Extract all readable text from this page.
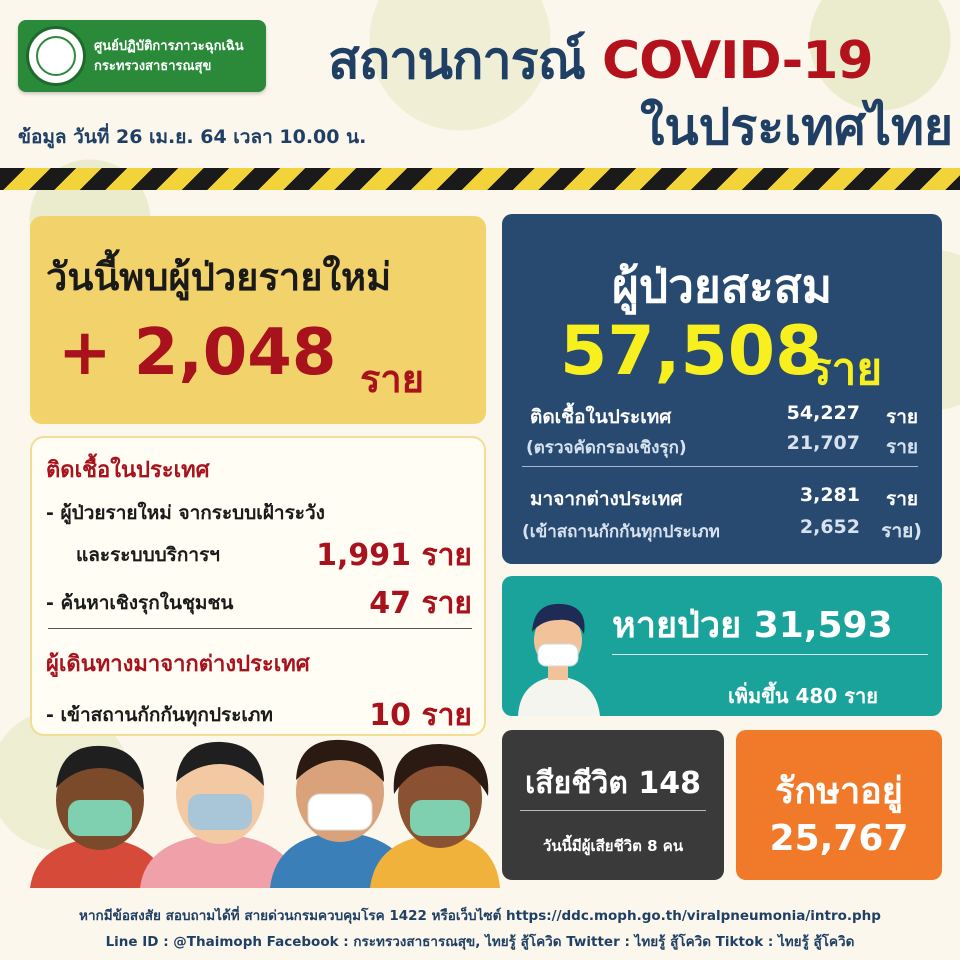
ศูนย์ปฏิบัติการภาวะฉุกเฉิน
กระทรวงสาธารณสุข	สถานการณ์ COVID-19
ในประเทศไทย
ข้อมูล วันที่ 26 เม.ย. 64 เวลา 10.00 น.
วันนี้พบผู้ป่วยรายใหม่
+ 2,048 ราย
ติดเชื้อในประเทศ
- ผู้ป่วยรายใหม่ จากระบบเฝ้าระวัง
และระบบบริการฯ	1,991 ราย
- ค้นหาเชิงรุกในชุมชน	47 ราย
ผู้เดินทางมาจากต่างประเทศ
- เข้าสถานกักกันทุกประเภท	10 ราย
ผู้ป่วยสะสม
57,508
ราย
ติดเชื้อในประเทศ	54,227	ราย
(ตรวจคัดกรองเชิงรุก)	21,707	ราย
มาจากต่างประเทศ	3,281	ราย
(เข้าสถานกักกันทุกประเภท	2,652	ราย)
หายป่วย 31,593
เพิ่มขึ้น 480 ราย
เสียชีวิต 148
วันนี้มีผู้เสียชีวิต 8 คน
รักษาอยู่
25,767
หากมีข้อสงสัย สอบถามได้ที่ สายด่วนกรมควบคุมโรค 1422 หรือเว็บไซต์ https://ddc.moph.go.th/viralpneumonia/intro.php
Line ID : @Thaimoph Facebook : กระทรวงสาธารณสุข, ไทยรู้ สู้โควิด Twitter : ไทยรู้ สู้โควิด Tiktok : ไทยรู้ สู้โควิด
